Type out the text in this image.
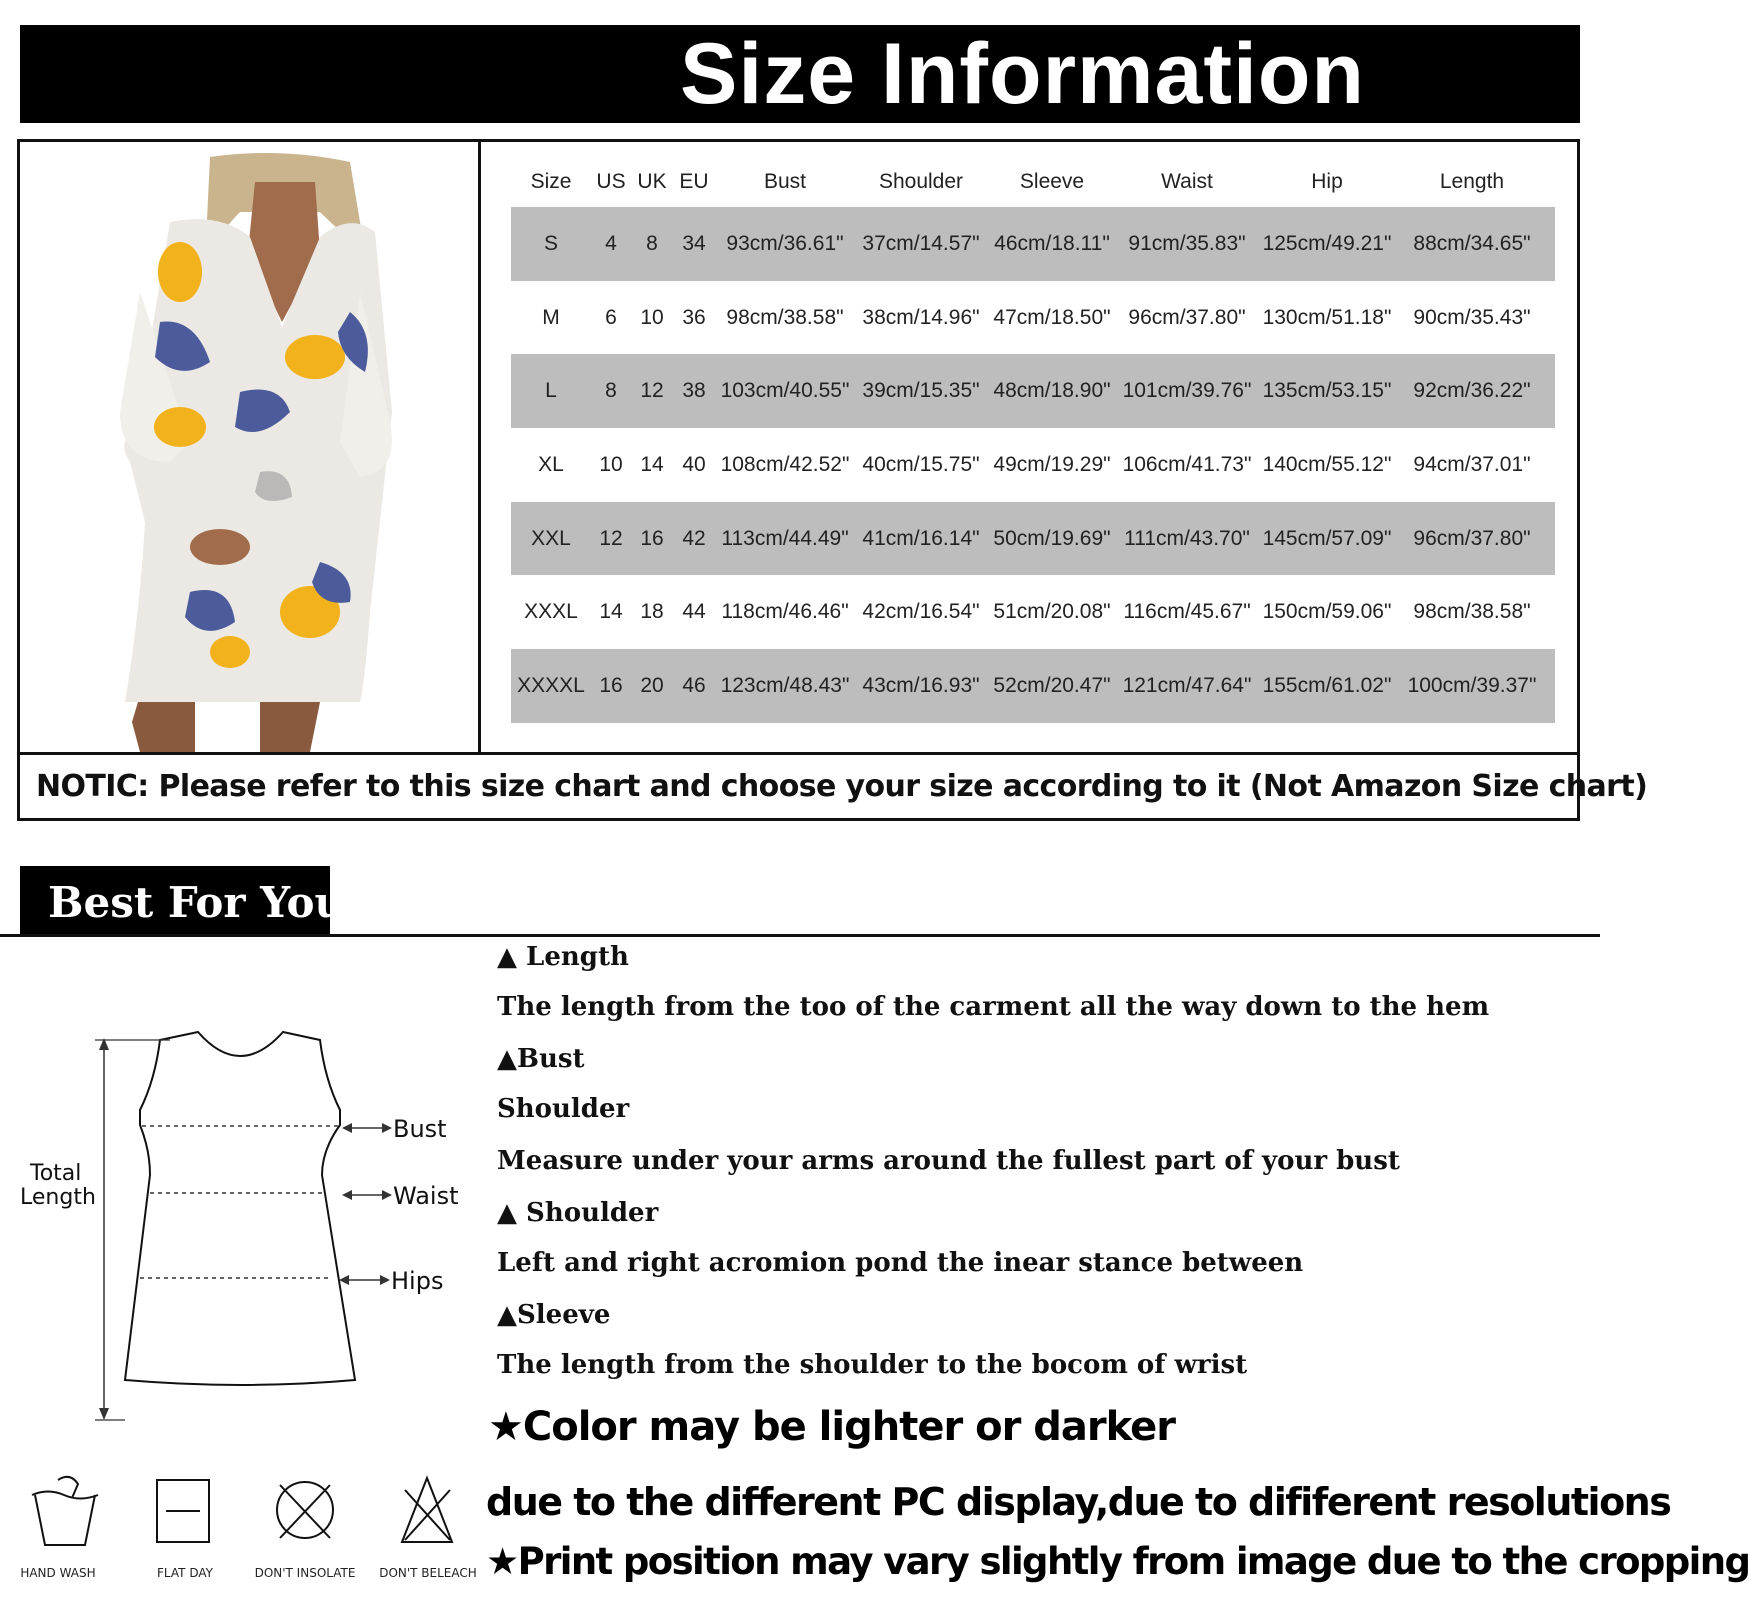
Size Information
Size	US UK EU	Bust	Shoulder	Sleeve	Waist	Hip	Length
S	4	8	34 93cm/36.61" 37cm/14.57" 46cm/18.11" 91cm/35.83" 125cm/49.21"	88cm/34.65"
M	6	10 36 98cm/38.58" 38cm/14.96" 47cm/18.50" 96cm/37.80" 130cm/51.18"	90cm/35.43"
L	8	12 38 103cm/40.55" 39cm/15.35" 48cm/18.90" 101cm/39.76" 135cm/53.15"	92cm/36.22"
XL	10 14 40 108cm/42.52" 40cm/15.75" 49cm/19.29" 106cm/41.73" 140cm/55.12"	94cm/37.01"
XXL	12 16 42 113cm/44.49" 41cm/16.14" 50cm/19.69" 111cm/43.70" 145cm/57.09"	96cm/37.80"
XXXL	14 18 44 118cm/46.46" 42cm/16.54" 51cm/20.08" 116cm/45.67" 150cm/59.06"	98cm/38.58"
XXXXL 16 20 46 123cm/48.43" 43cm/16.93" 52cm/20.47" 121cm/47.64" 155cm/61.02" 100cm/39.37"
NOTIC: Please refer to this size chart and choose your size according to it (Not Amazon Size chart)
Best For You
Bust
Waist
Hips
Total
Length
▲ Length
The length from the too of the carment all the way down to the hem
▲Bust
Shoulder
Measure under your arms around the fullest part of your bust
▲ Shoulder
Left and right acromion pond the inear stance between
▲Sleeve
The length from the shoulder to the bocom of wrist
★Color may be lighter or darker
due to the different PC display,due to dififerent resolutions
★Print position may vary slightly from image due to the cropping
HAND WASH	FLAT DAY	DON'T INSOLATE	DON'T BELEACH
